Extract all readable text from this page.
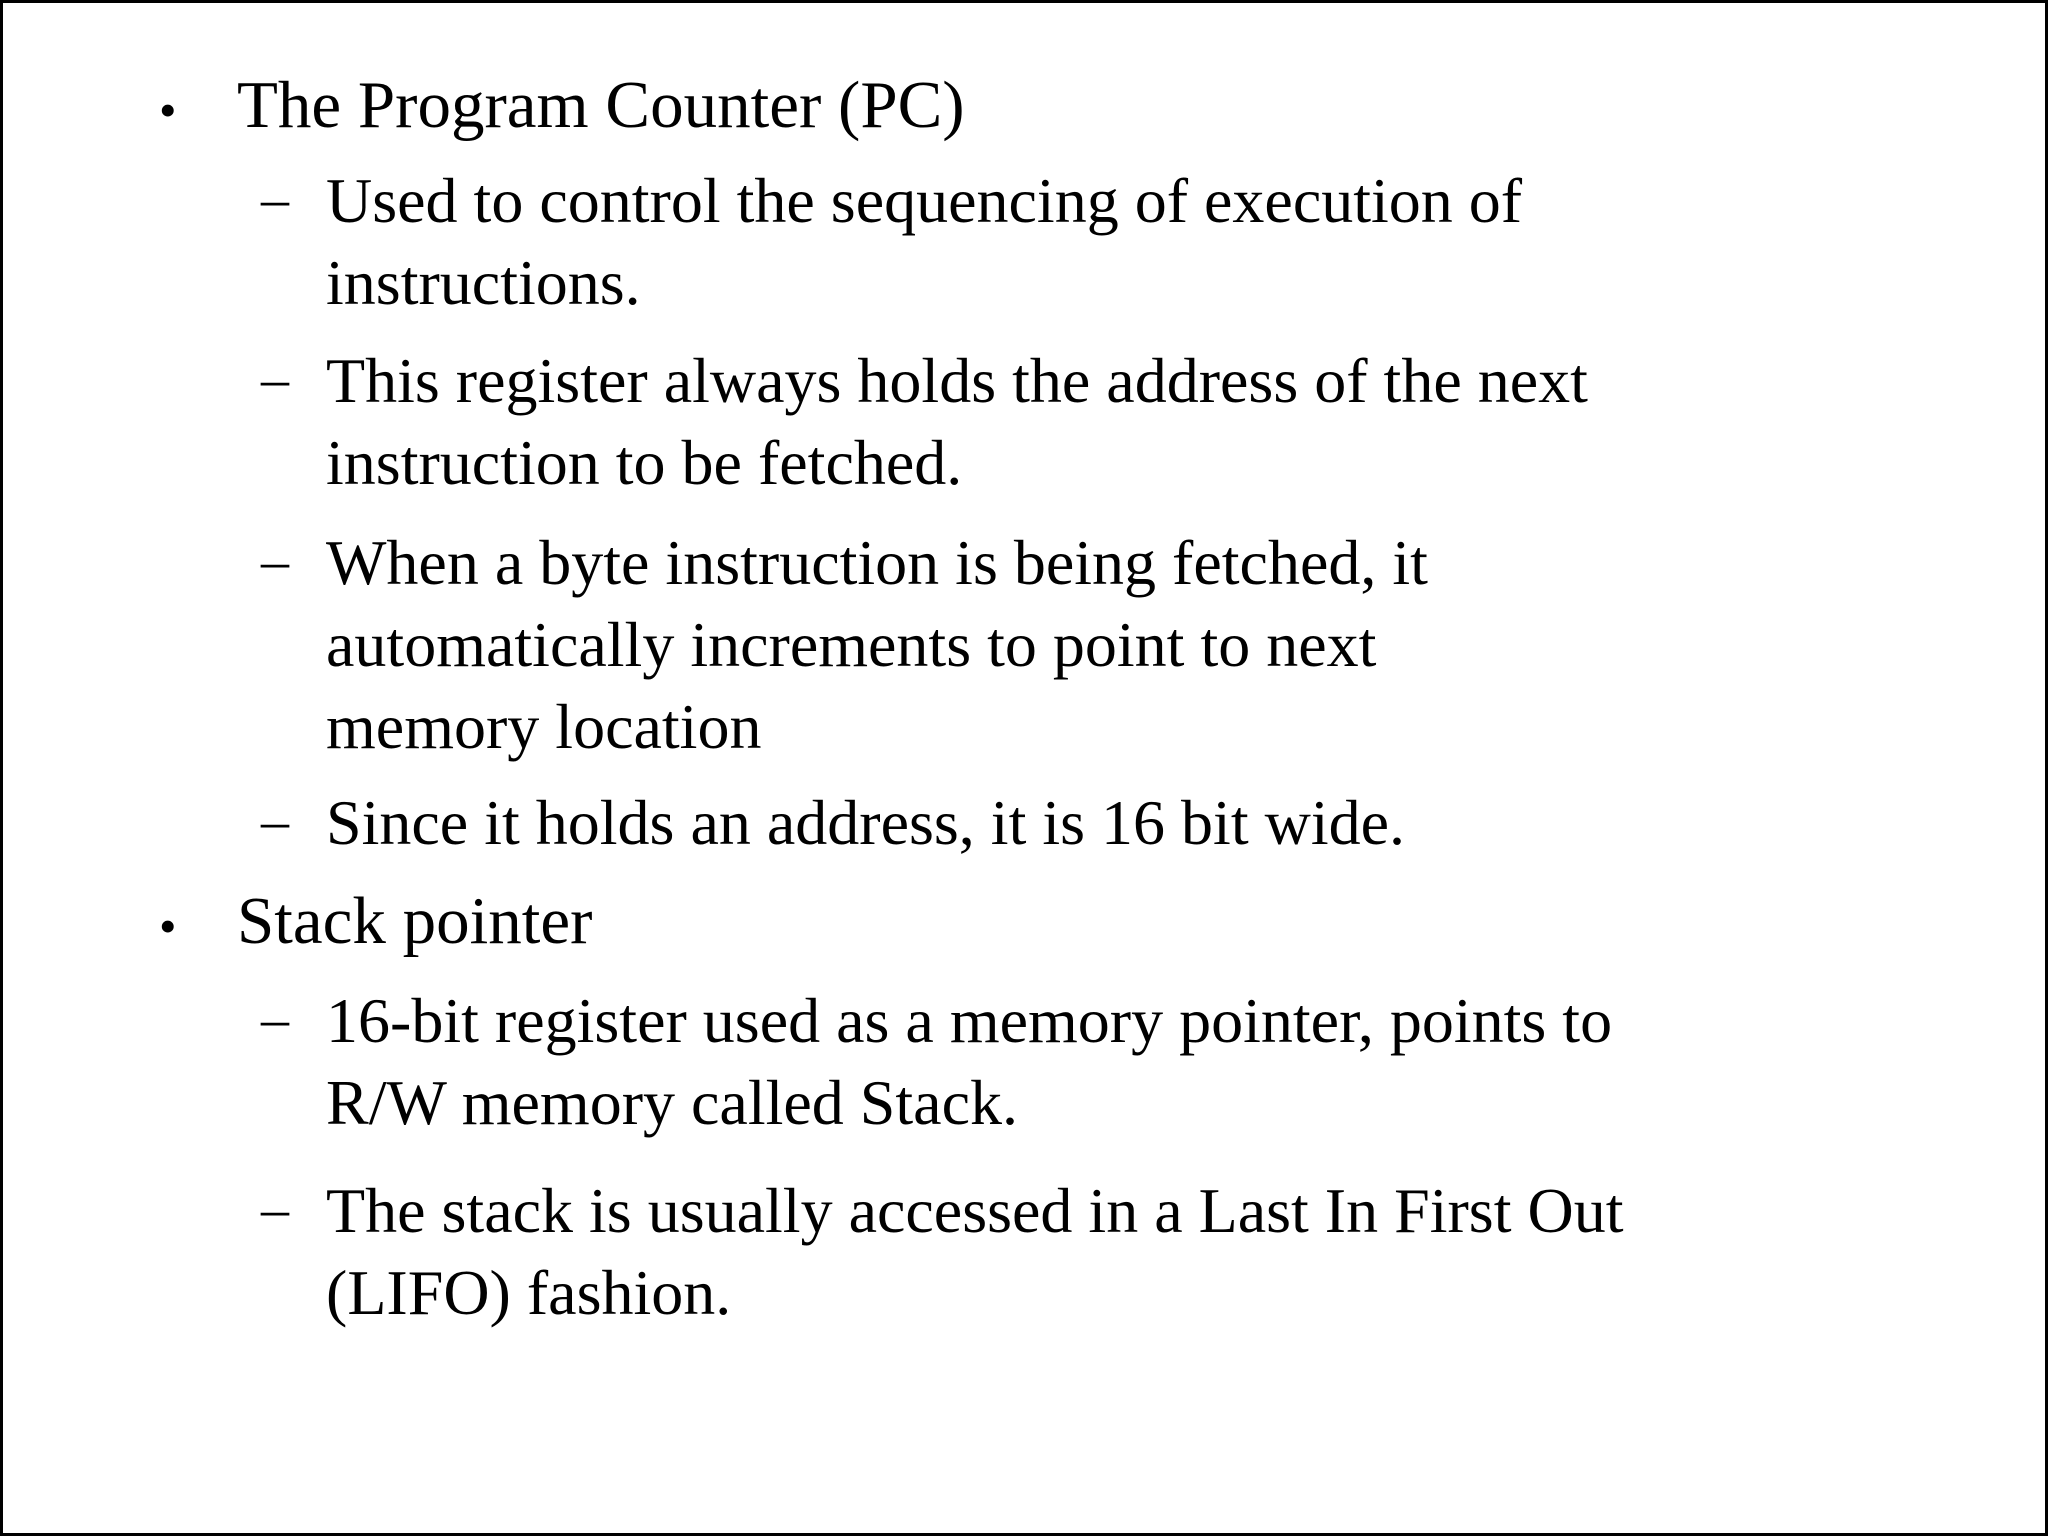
• The Program Counter (PC)
– Used to control the sequencing of execution of
instructions.
– This register always holds the address of the next
instruction to be fetched.
– When a byte instruction is being fetched, it
automatically increments to point to next
memory location
– Since it holds an address, it is 16 bit wide.
• Stack pointer
– 16-bit register used as a memory pointer, points to
R/W memory called Stack.
– The stack is usually accessed in a Last In First Out
(LIFO) fashion.
